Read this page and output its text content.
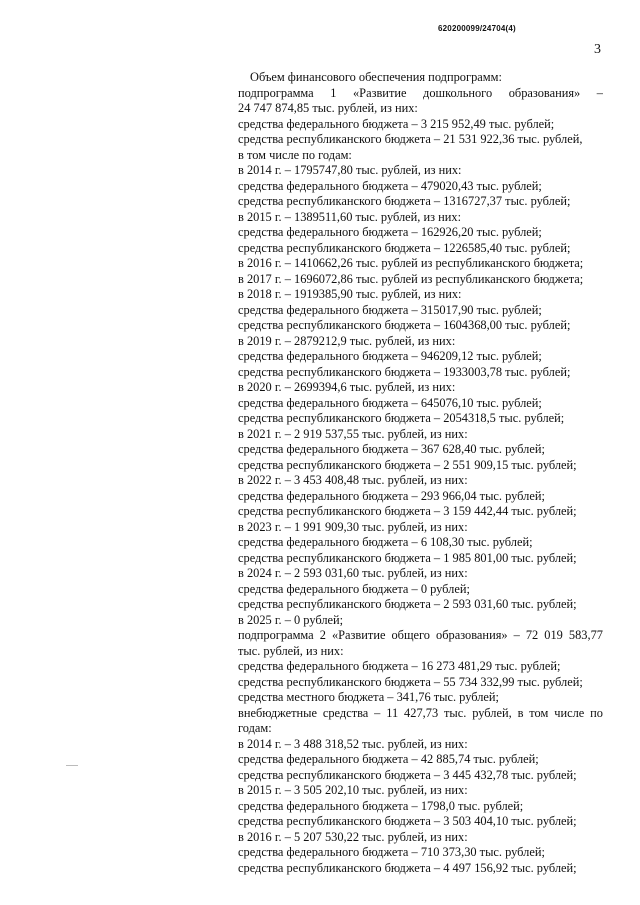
620200099/24704(4)
3
Объем финансового обеспечения подпрограмм:
подпрограмма 1 «Развитие дошкольного образования» –
24 747 874,85 тыс. рублей, из них:
средства федерального бюджета – 3 215 952,49 тыс. рублей;
средства республиканского бюджета – 21 531 922,36 тыс. рублей,
в том числе по годам:
в 2014 г. – 1795747,80 тыс. рублей, из них:
средства федерального бюджета – 479020,43 тыс. рублей;
средства республиканского бюджета – 1316727,37 тыс. рублей;
в 2015 г. – 1389511,60 тыс. рублей, из них:
средства федерального бюджета – 162926,20 тыс. рублей;
средства республиканского бюджета – 1226585,40 тыс. рублей;
в 2016 г. – 1410662,26 тыс. рублей из республиканского бюджета;
в 2017 г. – 1696072,86 тыс. рублей из республиканского бюджета;
в 2018 г. – 1919385,90 тыс. рублей, из них:
средства федерального бюджета – 315017,90 тыс. рублей;
средства республиканского бюджета – 1604368,00 тыс. рублей;
в 2019 г. – 2879212,9 тыс. рублей, из них:
средства федерального бюджета – 946209,12 тыс. рублей;
средства республиканского бюджета – 1933003,78 тыс. рублей;
в 2020 г. – 2699394,6 тыс. рублей, из них:
средства федерального бюджета – 645076,10 тыс. рублей;
средства республиканского бюджета – 2054318,5 тыс. рублей;
в 2021 г. – 2 919 537,55 тыс. рублей, из них:
средства федерального бюджета – 367 628,40 тыс. рублей;
средства республиканского бюджета – 2 551 909,15 тыс. рублей;
в 2022 г. – 3 453 408,48 тыс. рублей, из них:
средства федерального бюджета – 293 966,04 тыс. рублей;
средства республиканского бюджета – 3 159 442,44 тыс. рублей;
в 2023 г. – 1 991 909,30 тыс. рублей, из них:
средства федерального бюджета – 6 108,30 тыс. рублей;
средства республиканского бюджета – 1 985 801,00 тыс. рублей;
в 2024 г. – 2 593 031,60 тыс. рублей, из них:
средства федерального бюджета – 0 рублей;
средства республиканского бюджета – 2 593 031,60 тыс. рублей;
в 2025 г. – 0 рублей;
подпрограмма 2 «Развитие общего образования» – 72 019 583,77
тыс. рублей, из них:
средства федерального бюджета – 16 273 481,29 тыс. рублей;
средства республиканского бюджета – 55 734 332,99 тыс. рублей;
средства местного бюджета – 341,76 тыс. рублей;
внебюджетные средства – 11 427,73 тыс. рублей, в том числе по
годам:
в 2014 г. – 3 488 318,52 тыс. рублей, из них:
средства федерального бюджета – 42 885,74 тыс. рублей;
средства республиканского бюджета – 3 445 432,78 тыс. рублей;
в 2015 г. – 3 505 202,10 тыс. рублей, из них:
средства федерального бюджета – 1798,0 тыс. рублей;
средства республиканского бюджета – 3 503 404,10 тыс. рублей;
в 2016 г. – 5 207 530,22 тыс. рублей, из них:
средства федерального бюджета – 710 373,30 тыс. рублей;
средства республиканского бюджета – 4 497 156,92 тыс. рублей;
